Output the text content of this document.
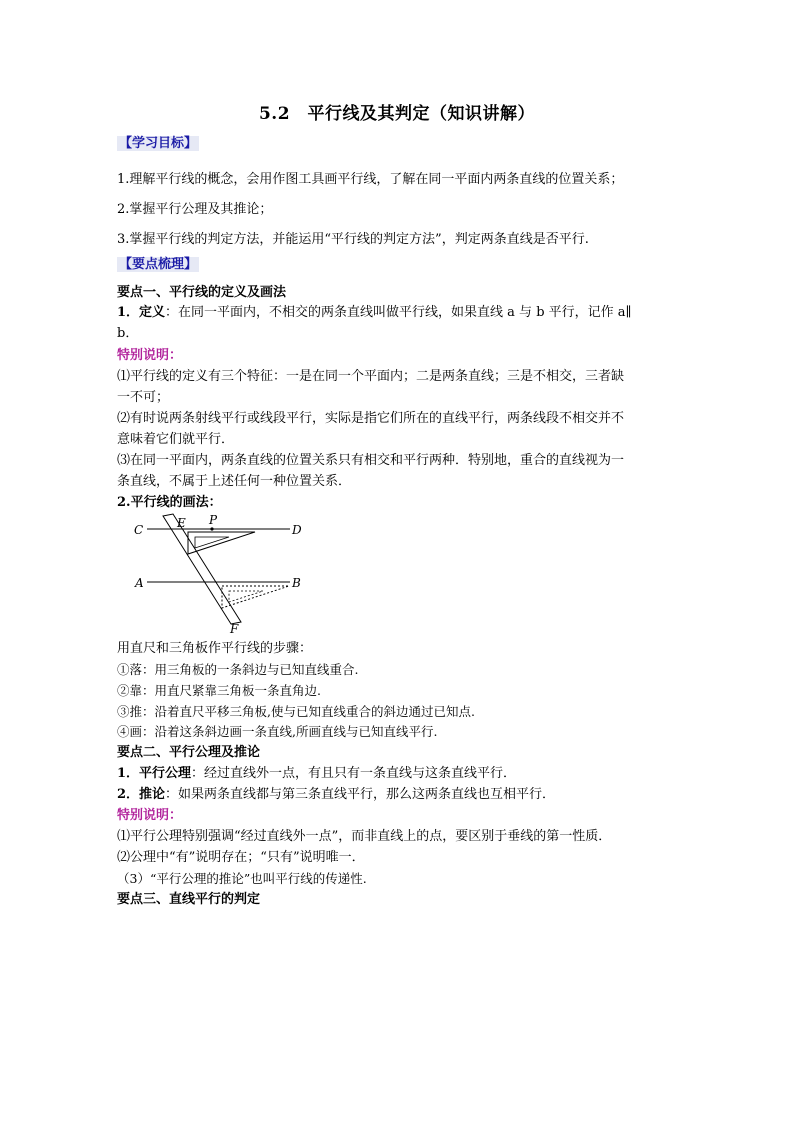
5.2　平行线及其判定（知识讲解）
【学习目标】
1.理解平行线的概念，会用作图工具画平行线，了解在同一平面内两条直线的位置关系；
2.掌握平行公理及其推论；
3.掌握平行线的判定方法，并能运用“平行线的判定方法”，判定两条直线是否平行.
【要点梳理】
要点一、平行线的定义及画法
1．定义：在同一平面内，不相交的两条直线叫做平行线，如果直线 a 与 b 平行，记作 a∥
b．
特别说明：
⑴平行线的定义有三个特征：一是在同一个平面内；二是两条直线；三是不相交，三者缺
一不可；
⑵有时说两条射线平行或线段平行，实际是指它们所在的直线平行，两条线段不相交并不
意味着它们就平行．
⑶在同一平面内，两条直线的位置关系只有相交和平行两种．特别地，重合的直线视为一
条直线，不属于上述任何一种位置关系．
2.平行线的画法：
C	E P
D
A	B
F
用直尺和三角板作平行线的步骤：
①落：用三角板的一条斜边与已知直线重合.
②靠：用直尺紧靠三角板一条直角边.
③推：沿着直尺平移三角板,使与已知直线重合的斜边通过已知点.
④画：沿着这条斜边画一条直线,所画直线与已知直线平行.
要点二、平行公理及推论
1．平行公理：经过直线外一点，有且只有一条直线与这条直线平行．
2．推论：如果两条直线都与第三条直线平行，那么这两条直线也互相平行．
特别说明：
⑴平行公理特别强调“经过直线外一点”，而非直线上的点，要区别于垂线的第一性质．
⑵公理中“有”说明存在；“只有”说明唯一．
（3）“平行公理的推论”也叫平行线的传递性.
要点三、直线平行的判定
